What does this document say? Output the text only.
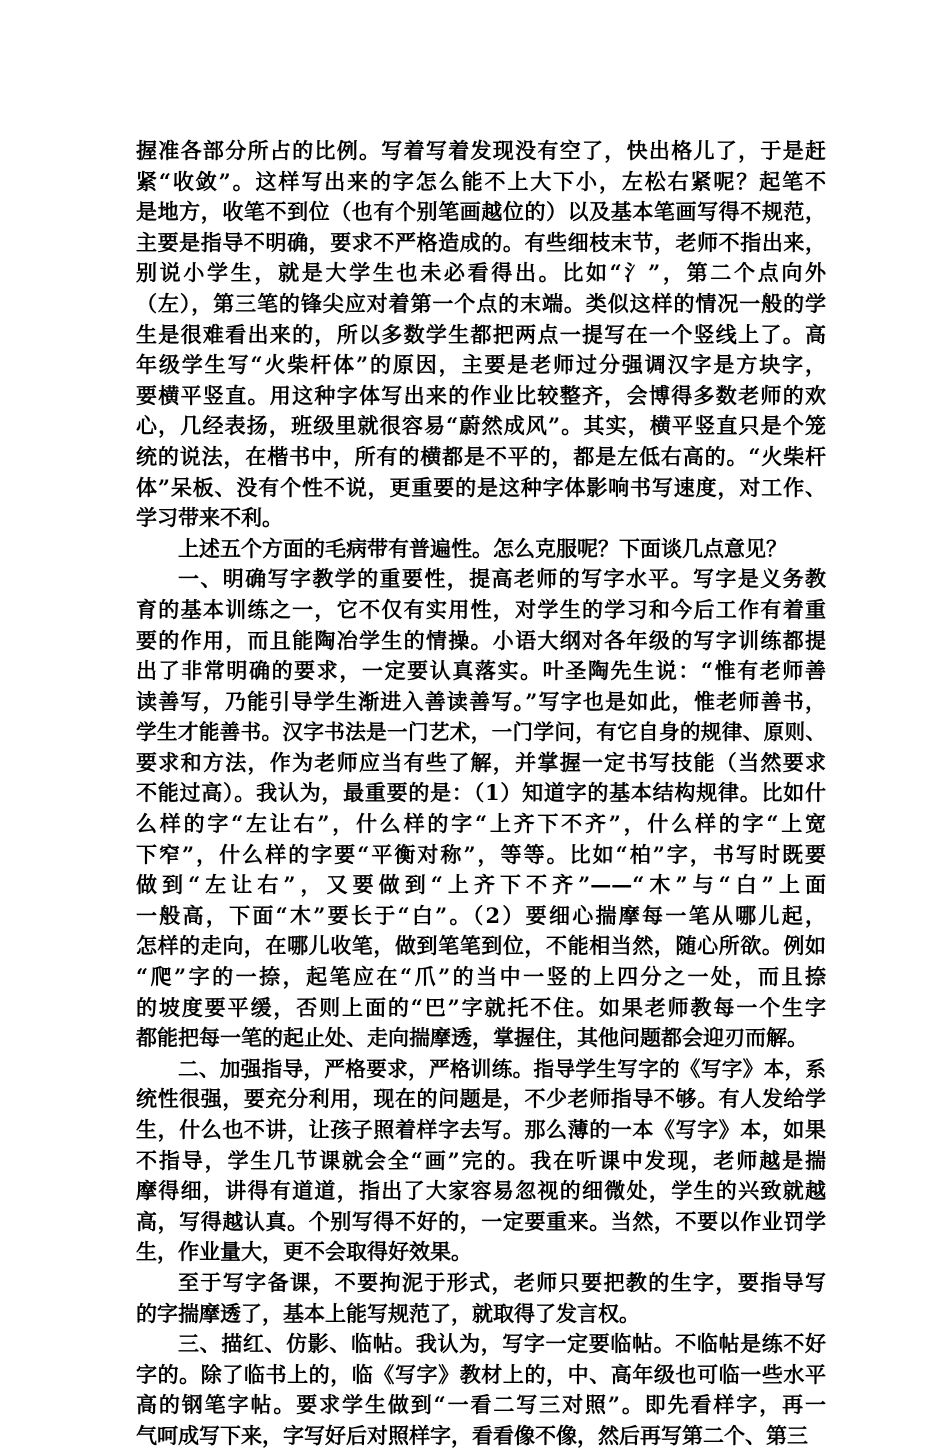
握准各部分所占的比例。写着写着发现没有空了，快出格儿了，于是赶
紧“收敛”。这样写出来的字怎么能不上大下小，左松右紧呢？起笔不
是地方，收笔不到位（也有个别笔画越位的）以及基本笔画写得不规范，
主要是指导不明确，要求不严格造成的。有些细枝末节，老师不指出来，
别说小学生，就是大学生也未必看得出。比如“氵”，第二个点向外
（左），第三笔的锋尖应对着第一个点的末端。类似这样的情况一般的学
生是很难看出来的，所以多数学生都把两点一提写在一个竖线上了。高
年级学生写“火柴杆体”的原因，主要是老师过分强调汉字是方块字，
要横平竖直。用这种字体写出来的作业比较整齐，会博得多数老师的欢
心，几经表扬，班级里就很容易“蔚然成风”。其实，横平竖直只是个笼
统的说法，在楷书中，所有的横都是不平的，都是左低右高的。“火柴杆
体”呆板、没有个性不说，更重要的是这种字体影响书写速度，对工作、
学习带来不利。
上述五个方面的毛病带有普遍性。怎么克服呢？下面谈几点意见？
一、明确写字教学的重要性，提高老师的写字水平。写字是义务教
育的基本训练之一，它不仅有实用性，对学生的学习和今后工作有着重
要的作用，而且能陶冶学生的情操。小语大纲对各年级的写字训练都提
出了非常明确的要求，一定要认真落实。叶圣陶先生说：“惟有老师善
读善写，乃能引导学生渐进入善读善写。”写字也是如此，惟老师善书，
学生才能善书。汉字书法是一门艺术，一门学问，有它自身的规律、原则、
要求和方法，作为老师应当有些了解，并掌握一定书写技能（当然要求
不能过高）。我认为，最重要的是：（1）知道字的基本结构规律。比如什
么样的字“左让右”，什么样的字“上齐下不齐”，什么样的字“上宽
下窄”，什么样的字要“平衡对称”，等等。比如“柏”字，书写时既要
做到“左让右”，又要做到“上齐下不齐”——“木”与“白”上面
一般高，下面“木”要长于“白”。（2）要细心揣摩每一笔从哪儿起，
怎样的走向，在哪儿收笔，做到笔笔到位，不能相当然，随心所欲。例如
“爬”字的一捺，起笔应在“爪”的当中一竖的上四分之一处，而且捺
的坡度要平缓，否则上面的“巴”字就托不住。如果老师教每一个生字
都能把每一笔的起止处、走向揣摩透，掌握住，其他问题都会迎刃而解。
二、加强指导，严格要求，严格训练。指导学生写字的《写字》本，系
统性很强，要充分利用，现在的问题是，不少老师指导不够。有人发给学
生，什么也不讲，让孩子照着样字去写。那么薄的一本《写字》本，如果
不指导，学生几节课就会全“画”完的。我在听课中发现，老师越是揣
摩得细，讲得有道道，指出了大家容易忽视的细微处，学生的兴致就越
高，写得越认真。个别写得不好的，一定要重来。当然，不要以作业罚学
生，作业量大，更不会取得好效果。
至于写字备课，不要拘泥于形式，老师只要把教的生字，要指导写
的字揣摩透了，基本上能写规范了，就取得了发言权。
三、描红、仿影、临帖。我认为，写字一定要临帖。不临帖是练不好
字的。除了临书上的，临《写字》教材上的，中、高年级也可临一些水平
高的钢笔字帖。要求学生做到“一看二写三对照”。即先看样字，再一
气呵成写下来，字写好后对照样字，看看像不像，然后再写第二个、第三
